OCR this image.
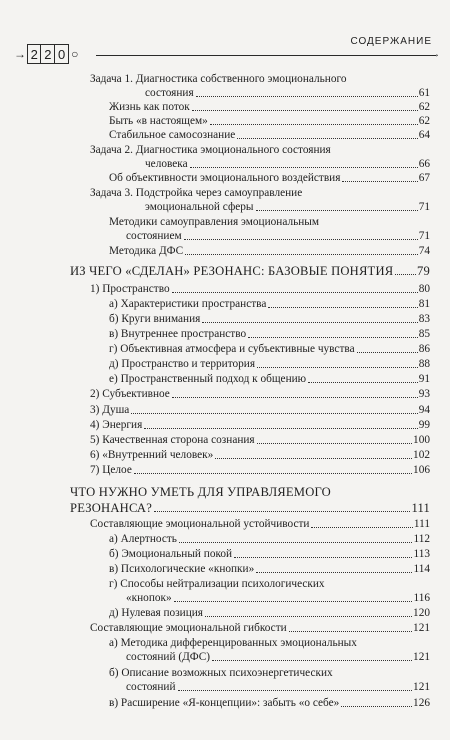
→ 2 2 0 ○	→
СОДЕРЖАНИЕ
Задача 1. Диагностика собственного эмоционального
состояния	61
Жизнь как поток	62
Быть «в настоящем»	62
Стабильное самосознание	64
Задача 2. Диагностика эмоционального состояния
человека	66
Об объективности эмоционального воздействия	67
Задача 3. Подстройка через самоуправление
эмоциональной сферы	71
Методики самоуправления эмоциональным
состоянием	71
Методика ДФС	74
ИЗ ЧЕГО «СДЕЛАН» РЕЗОНАНС: БАЗОВЫЕ ПОНЯТИЯ 79
1) Пространство	80
а) Характеристики пространства	81
б) Круги внимания	83
в) Внутреннее пространство	85
г) Объективная атмосфера и субъективные чувства	86
д) Пространство и территория	88
е) Пространственный подход к общению	91
2) Субъективное	93
3) Душа	94
4) Энергия	99
5) Качественная сторона сознания	100
6) «Внутренний человек»	102
7) Целое	106
ЧТО НУЖНО УМЕТЬ ДЛЯ УПРАВЛЯЕМОГО
РЕЗОНАНСА?	111
Составляющие эмоциональной устойчивости	111
а) Алертность	112
б) Эмоциональный покой	113
в) Психологические «кнопки»	114
г) Способы нейтрализации психологических
«кнопок»	116
д) Нулевая позиция	120
Составляющие эмоциональной гибкости	121
а) Методика дифференцированных эмоциональных
состояний (ДФС)	121
б) Описание возможных психоэнергетических
состояний	121
в) Расширение «Я-концепции»: забыть «о себе»	126
